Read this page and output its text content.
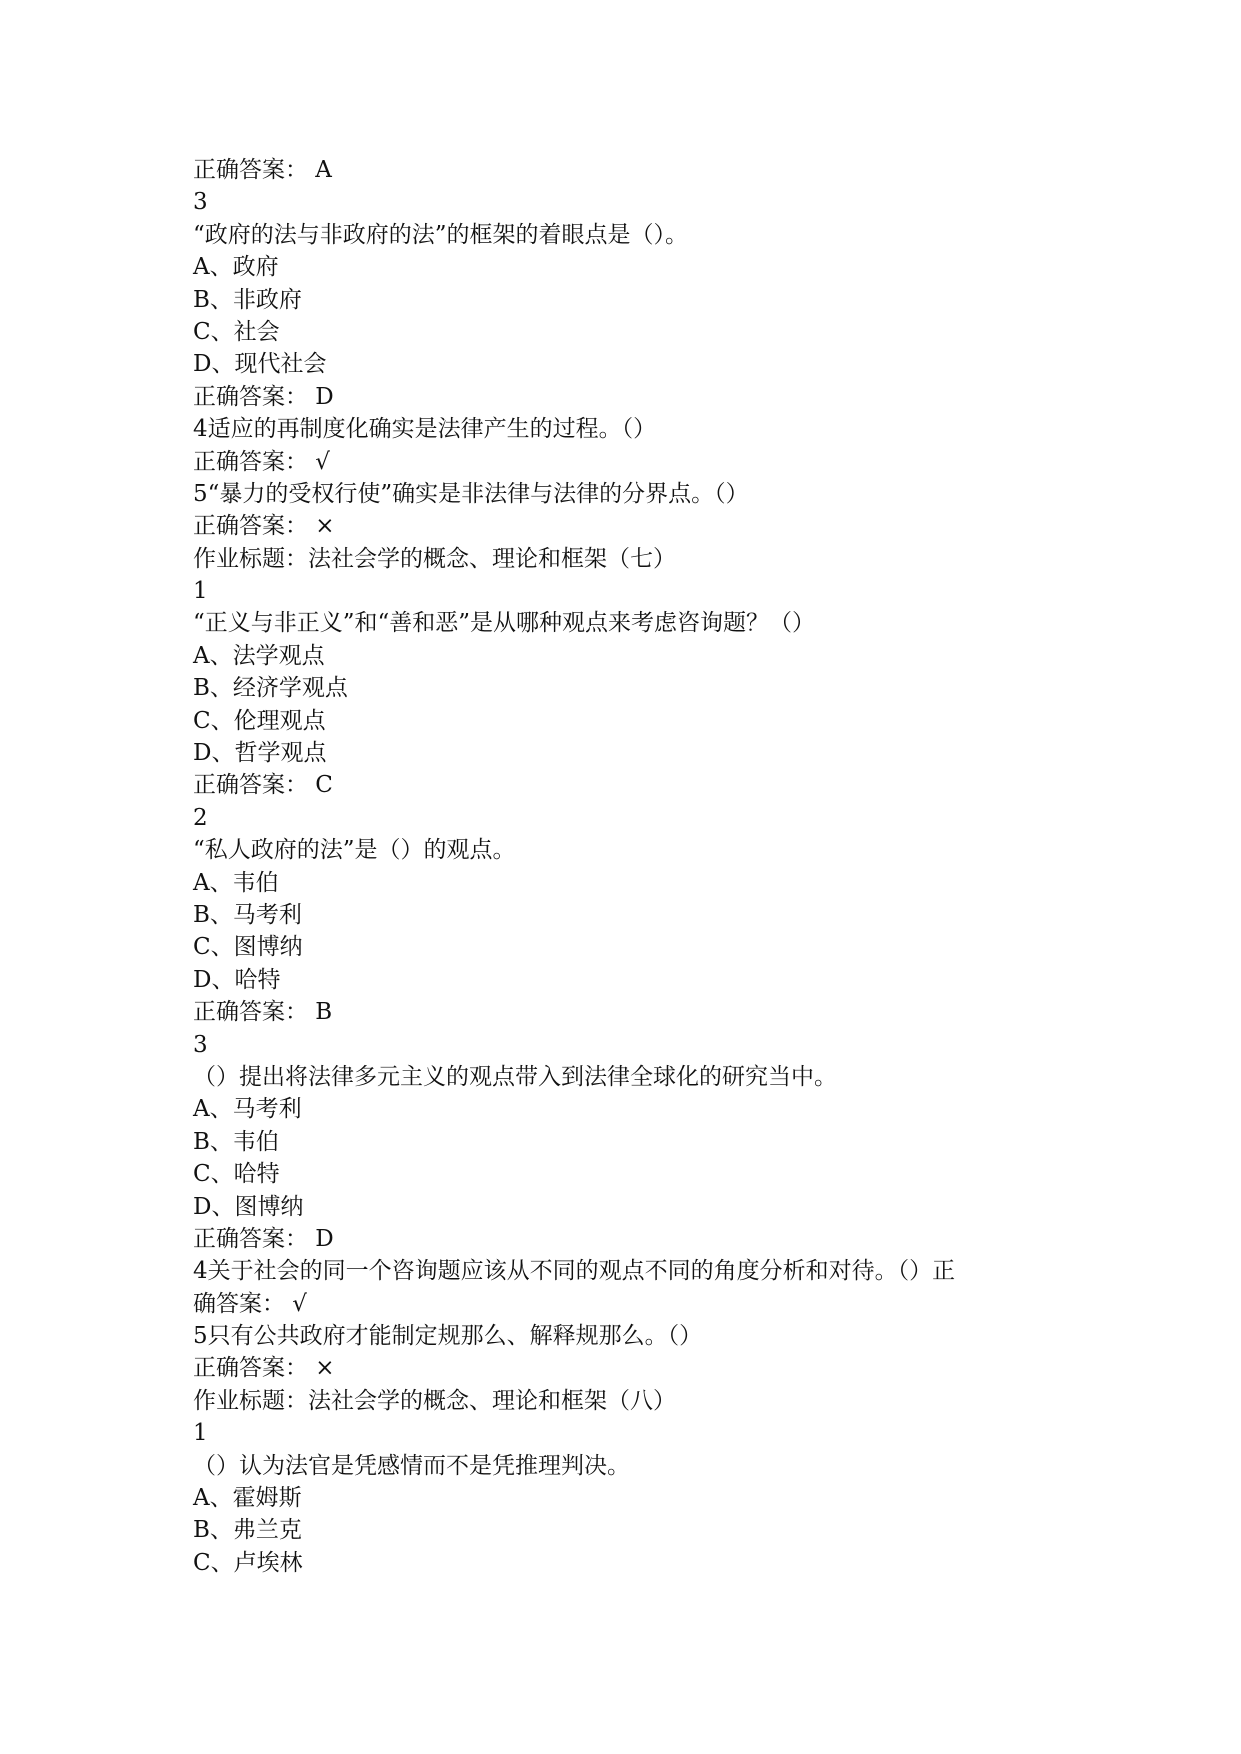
正确答案： A
3
“政府的法与非政府的法”的框架的着眼点是（）。
A、政府
B、非政府
C、社会
D、现代社会
正确答案： D
4适应的再制度化确实是法律产生的过程。（）
正确答案： √
5“暴力的受权行使”确实是非法律与法律的分界点。（）
正确答案： ×
作业标题：法社会学的概念、理论和框架（七）
1
“正义与非正义”和“善和恶”是从哪种观点来考虑咨询题？（）
A、法学观点
B、经济学观点
C、伦理观点
D、哲学观点
正确答案： C
2
“私人政府的法”是（）的观点。
A、韦伯
B、马考利
C、图博纳
D、哈特
正确答案： B
3
（）提出将法律多元主义的观点带入到法律全球化的研究当中。
A、马考利
B、韦伯
C、哈特
D、图博纳
正确答案： D
4关于社会的同一个咨询题应该从不同的观点不同的角度分析和对待。（）正
确答案： √
5只有公共政府才能制定规那么、解释规那么。（）
正确答案： ×
作业标题：法社会学的概念、理论和框架（八）
1
（）认为法官是凭感情而不是凭推理判决。
A、霍姆斯
B、弗兰克
C、卢埃林
